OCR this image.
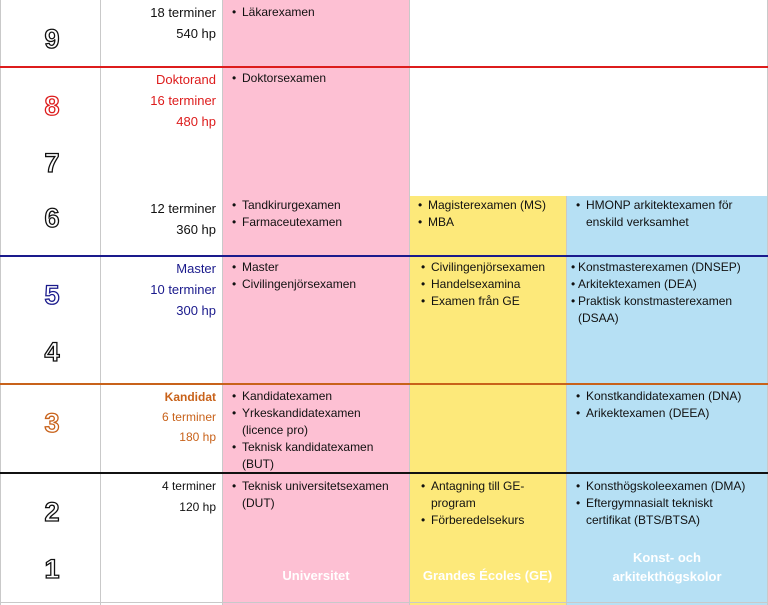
9
8
7
6
5
4
3
2
1
18 terminer
540 hp
Doktorand
16 terminer
480 hp
12 terminer
360 hp
Master
10 terminer
300 hp
Kandidat
6 terminer
180 hp
4 terminer
120 hp
• Läkarexamen
• Doktorsexamen
• Tandkirurgexamen
• Farmaceutexamen
• Master
• Civilingenjörsexamen
• Kandidatexamen
• Yrkeskandidatexamen (licence pro)
• Teknisk kandidatexamen (BUT)
• Teknisk universitetsexamen (DUT)
• Magisterexamen (MS)
• MBA
• Civilingenjörsexamen
• Handelsexamina
• Examen från GE
• Antagning till GE-program
• Förberedelsekurs
• HMONP arkitektexamen för enskild verksamhet
• Konstmasterexamen (DNSEP)
• Arkitektexamen (DEA)
• Praktisk konstmasterexamen (DSAA)
• Konstkandidatexamen (DNA)
• Arikektexamen (DEEA)
• Konsthögskoleexamen (DMA)
• Eftergymnasialt tekniskt certifikat (BTS/BTSA)
Universitet	Grandes Écoles (GE)
Konst- och arkitekthögskolor
